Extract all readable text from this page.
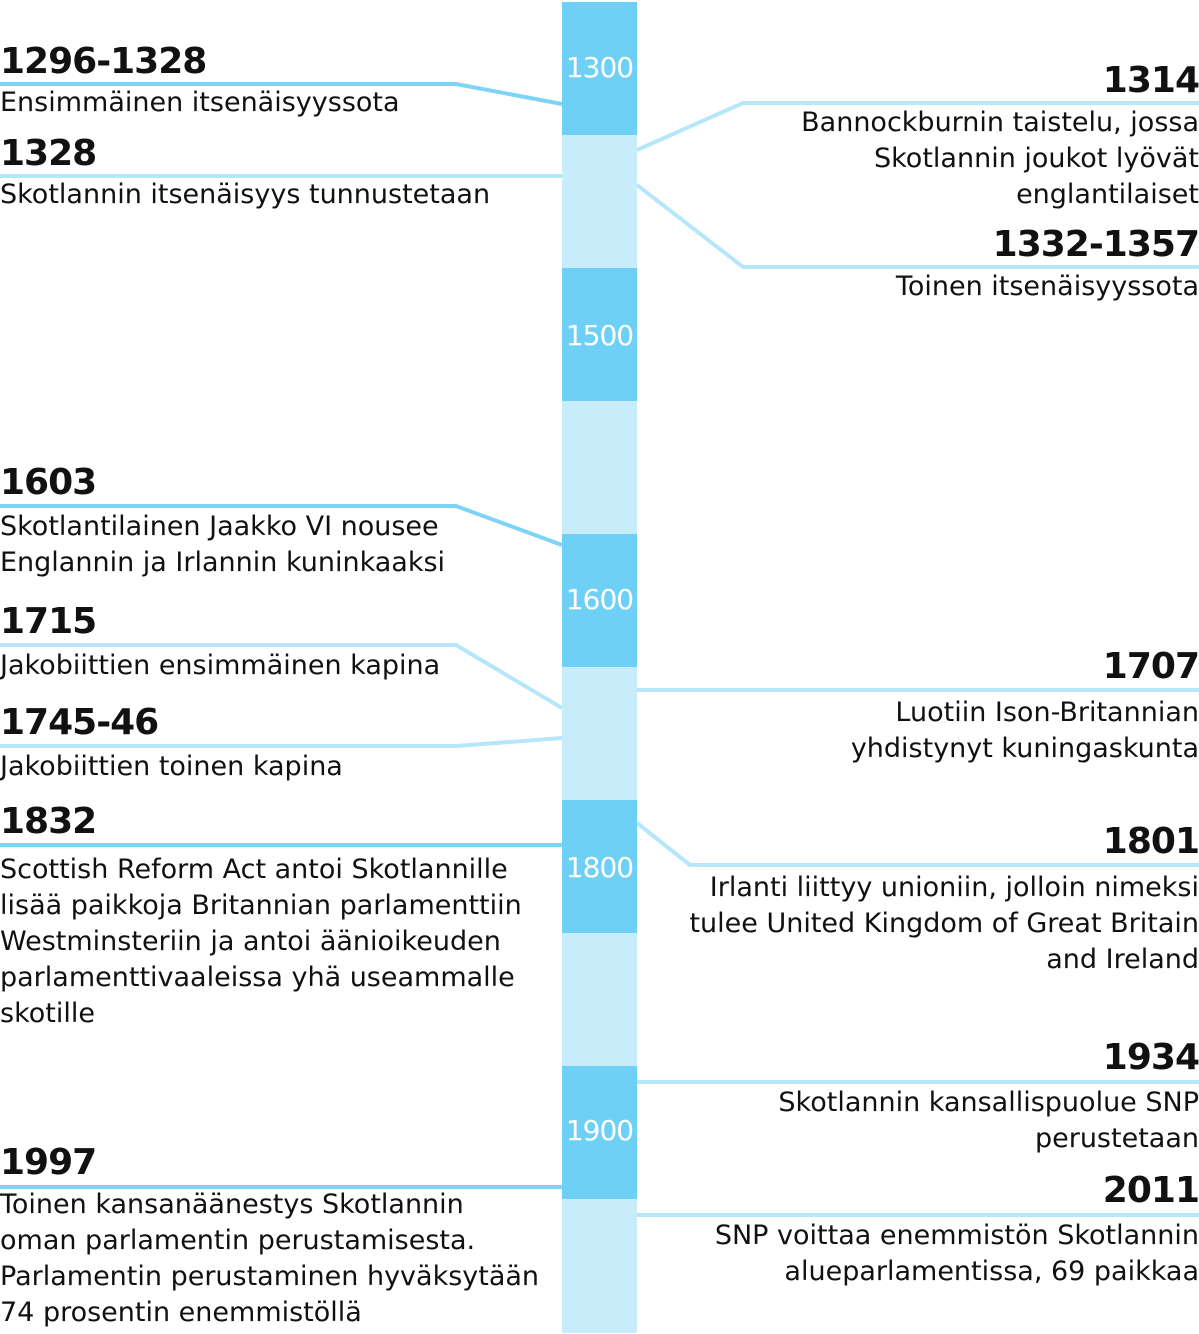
1300
1500
1600
1800
1900
1296-1328
Ensimmäinen itsenäisyyssota
1328
Skotlannin itsenäisyys tunnustetaan
1603
Skotlantilainen Jaakko VI nousee
Englannin ja Irlannin kuninkaaksi
1715
Jakobiittien ensimmäinen kapina
1745-46
Jakobiittien toinen kapina
1832
Scottish Reform Act antoi Skotlannille
lisää paikkoja Britannian parlamenttiin
Westminsteriin ja antoi äänioikeuden
parlamenttivaaleissa yhä useammalle
skotille
1997
Toinen kansanäänestys Skotlannin
oman parlamentin perustamisesta.
Parlamentin perustaminen hyväksytään
74 prosentin enemmistöllä
1314
Bannockburnin taistelu, jossa
Skotlannin joukot lyövät
englantilaiset
1332-1357
Toinen itsenäisyyssota
1707
Luotiin Ison-Britannian
yhdistynyt kuningaskunta
1801
Irlanti liittyy unioniin, jolloin nimeksi
tulee United Kingdom of Great Britain
and Ireland
1934
Skotlannin kansallispuolue SNP
perustetaan
2011
SNP voittaa enemmistön Skotlannin
alueparlamentissa, 69 paikkaa
